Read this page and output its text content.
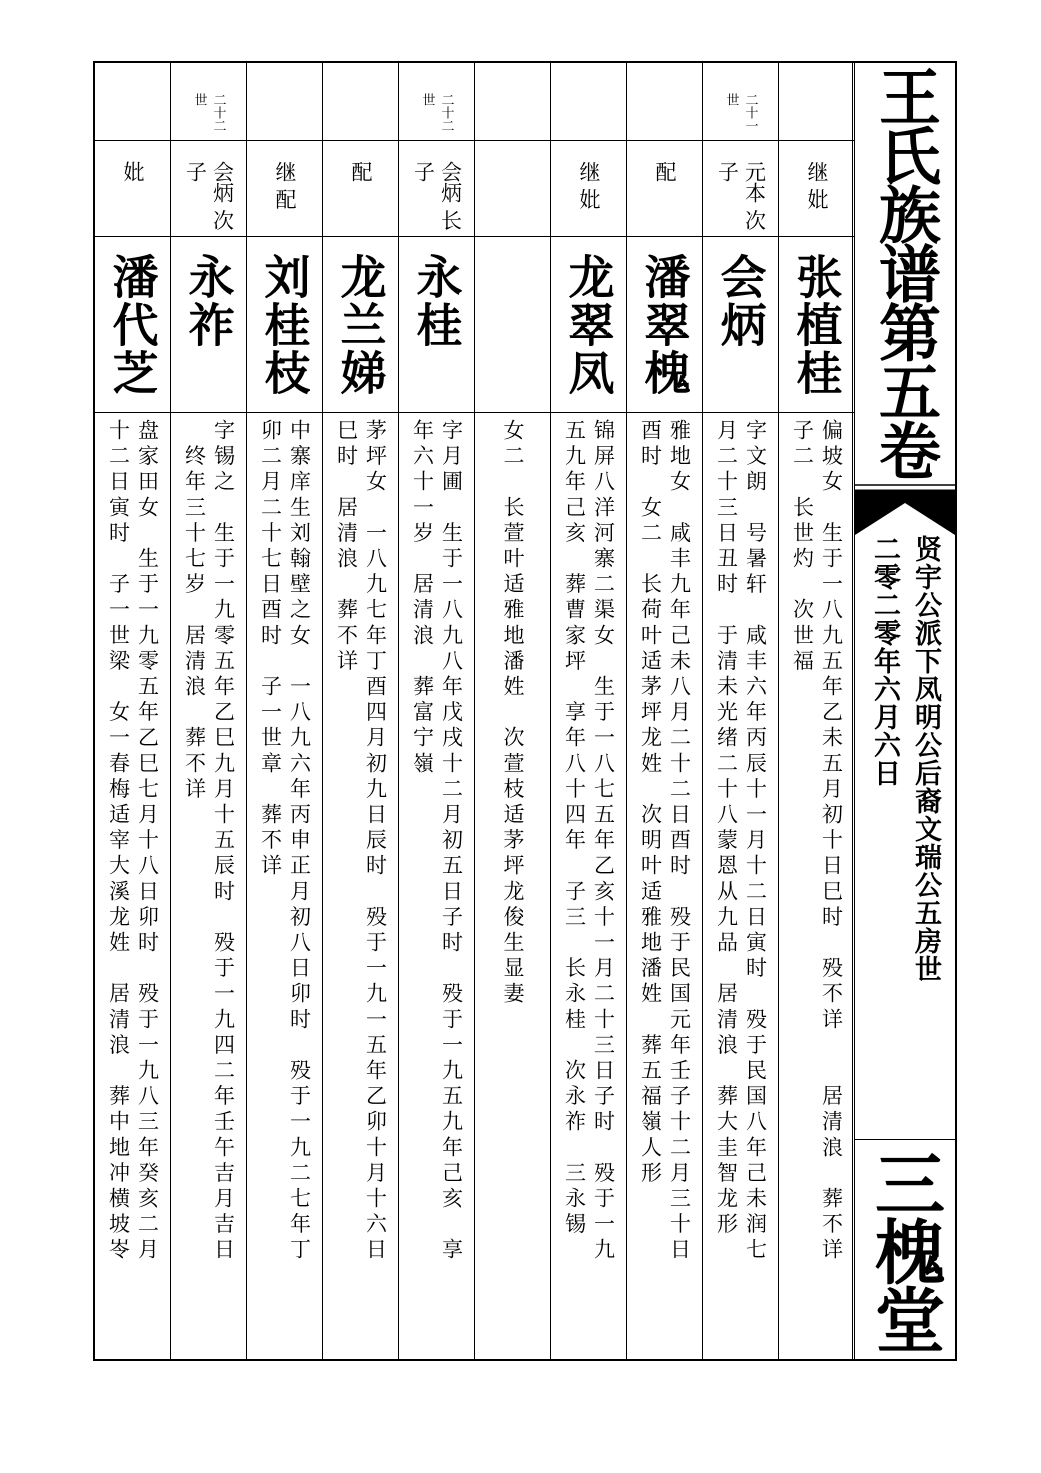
妣
潘代芝
盘家田女　生于一九零五年乙巳七月十八日卯时　殁于一九八三年癸亥二月
十二日寅时　子一世梁　女一春梅适宰大溪龙姓　居清浪　葬中地冲横坡岺
二十二世
会炳 次子
永祚
字锡之　生于一九零五年乙巳九月十五辰时　殁于一九四二年壬午吉月吉日
　终年三十七岁　居清浪　葬不详
继 配
刘桂枝
中寨庠生刘翰壁之女　一八九六年丙申正月初八日卯时　殁于一九二七年丁
卯二月二十七日酉时　子一世章　葬不详
配
龙兰娣
茅坪女　一八九七年丁酉四月初九日辰时　殁于一九一五年乙卯十月十六日
巳时　居清浪　葬不详
二十二世
会炳 长子
永桂
字月圃　生于一八九八年戊戌十二月初五日子时　殁于一九五九年己亥　享
年六十一岁　居清浪　葬富宁嶺	女二　长萱叶适雅地潘姓　次萱枝适茅坪龙俊生显妻
继 妣
龙翠凤
锦屏八洋河寨二渠女　生于一八七五年乙亥十一月二十三日子时　殁于一九
五九年己亥　葬曹家坪　享年八十四年　子三　长永桂　次永祚　三永锡
配
潘翠槐
雅地女　咸丰九年己未八月二十二日酉时　殁于民国元年壬子十二月三十日
酉时　女二　长荷叶适茅坪龙姓　次明叶适雅地潘姓　葬五福嶺人形
二十一世
元本 次子
会炳
字文朗　号暑轩　咸丰六年丙辰十一月十二日寅时　殁于民国八年己未润七
月二十三日丑时　于清未光绪二十八蒙恩从九品　居清浪　葬大圭智龙形
继 妣
张植桂
偏坡女　生于一八九五年乙未五月初十日巳时　殁不详　　居清浪　葬不详
子二　长世灼　次世福
王氏族谱第五卷
贤宇公派下凤明公后裔文瑞公五房世
二零二零年六月六日
三槐堂
